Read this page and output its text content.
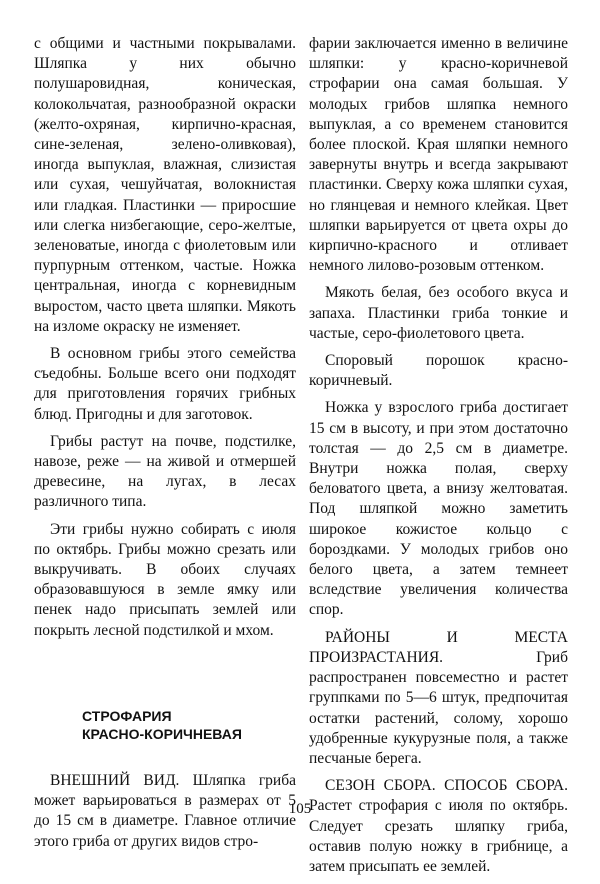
с общими и частными покрывалами. Шляпка у них обычно полушаровидная, коническая, колокольчатая, разнообразной окраски (желто-охряная, кирпично-красная, сине-зеленая, зелено-оливковая), иногда выпуклая, влажная, слизистая или сухая, чешуйчатая, волокнистая или гладкая. Пластинки — приросшие или слегка низбегающие, серо-желтые, зеленоватые, иногда с фиолетовым или пурпурным оттенком, частые. Ножка центральная, иногда с корневидным выростом, часто цвета шляпки. Мякоть на изломе окраску не изменяет.

В основном грибы этого семейства съедобны. Больше всего они подходят для приготовления горячих грибных блюд. Пригодны и для заготовок.

Грибы растут на почве, подстилке, навозе, реже — на живой и отмершей древесине, на лугах, в лесах различного типа.

Эти грибы нужно собирать с июля по октябрь. Грибы можно срезать или выкручивать. В обоих случаях образовавшуюся в земле ямку или пенек надо присыпать землей или покрыть лесной подстилкой и мхом.

СТРОФАРИЯ
КРАСНО-КОРИЧНЕВАЯ

ВНЕШНИЙ ВИД. Шляпка гриба может варьироваться в размерах от 5 до 15 см в диаметре. Главное отличие этого гриба от других видов стро-

фарии заключается именно в величине шляпки: у красно-коричневой строфарии она самая большая. У молодых грибов шляпка немного выпуклая, а со временем становится более плоской. Края шляпки немного завернуты внутрь и всегда закрывают пластинки. Сверху кожа шляпки сухая, но глянцевая и немного клейкая. Цвет шляпки варьируется от цвета охры до кирпично-красного и отливает немного лилово-розовым оттенком.

Мякоть белая, без особого вкуса и запаха. Пластинки гриба тонкие и частые, серо-фиолетового цвета.

Споровый порошок красно-коричневый.

Ножка у взрослого гриба достигает 15 см в высоту, и при этом достаточно толстая — до 2,5 см в диаметре. Внутри ножка полая, сверху беловатого цвета, а внизу желтоватая. Под шляпкой можно заметить широкое кожистое кольцо с бороздками. У молодых грибов оно белого цвета, а затем темнеет вследствие увеличения количества спор.

РАЙОНЫ И МЕСТА ПРОИЗРАСТАНИЯ. Гриб распространен повсеместно и растет группками по 5—6 штук, предпочитая остатки растений, солому, хорошо удобренные кукурузные поля, а также песчаные берега.

СЕЗОН СБОРА. СПОСОБ СБОРА. Растет строфария с июля по октябрь. Следует срезать шляпку гриба, оставив полую ножку в грибнице, а затем присыпать ее землей.

105
